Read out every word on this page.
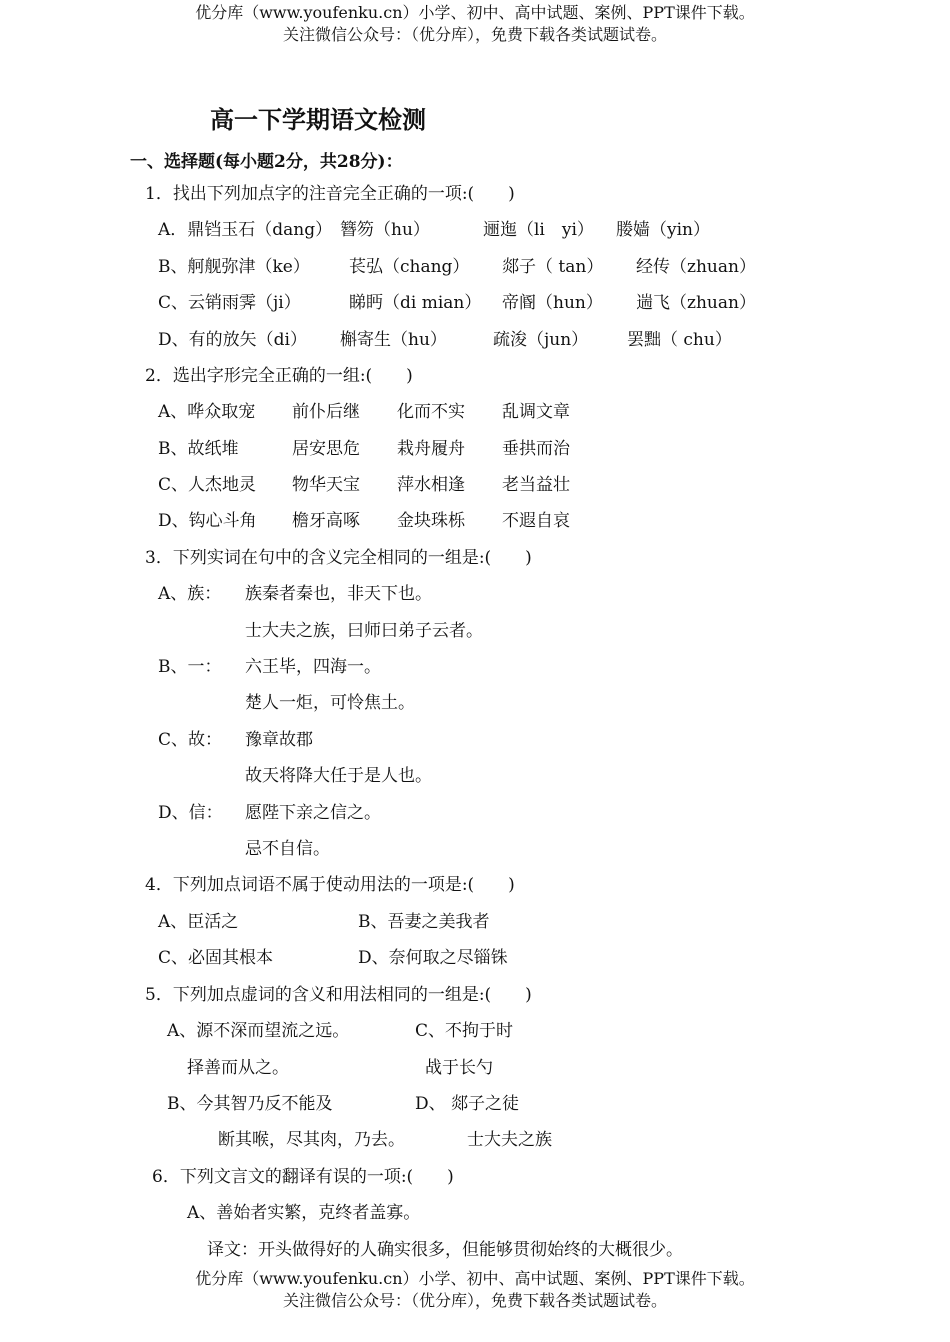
优分库（www.youfenku.cn）小学、初中、高中试题、案例、PPT课件下载。
关注微信公众号：（优分库），免费下载各类试题试卷。
高一下学期语文检测
一、选择题(每小题2分，共28分)：
1．找出下列加点字的注音完全正确的一项:(　　)
A．鼎铛玉石（dang） 簪笏（hu）	逦迤（li　yi） 媵嫱（yin）
B、舸舰弥津（ke） 苌弘（chang） 郯子（ tan） 经传（zhuan）
C、云销雨霁（ji）	睇眄（di mian） 帝阍（hun） 遄飞（zhuan）
D、有的放矢（di） 槲寄生（hu）	疏浚（jun） 罢黜（ chu）
2．选出字形完全正确的一组:(　　)
A、哗众取宠 前仆后继 化而不实 乱调文章
B、故纸堆	居安思危 栽舟履舟 垂拱而治
C、人杰地灵 物华天宝 萍水相逢 老当益壮
D、钩心斗角 檐牙高啄 金块珠栎 不遐自哀
3．下列实词在句中的含义完全相同的一组是:(　　)
A、族： 族秦者秦也，非天下也。
士大夫之族，曰师曰弟子云者。
B、一： 六王毕，四海一。
楚人一炬，可怜焦土。
C、故： 豫章故郡
故天将降大任于是人也。
D、信： 愿陛下亲之信之。
忌不自信。
4．下列加点词语不属于使动用法的一项是:(　　)
A、臣活之	B、吾妻之美我者
C、必固其根本	D、奈何取之尽锱铢
5．下列加点虚词的含义和用法相同的一组是:(　　)
A、源不深而望流之远。	C、不拘于时
择善而从之。	战于长勺
B、今其智乃反不能及	D、 郯子之徒
断其喉，尽其肉，乃去。	士大夫之族
6．下列文言文的翻译有误的一项:(　　)
A、善始者实繁，克终者盖寡。
译文：开头做得好的人确实很多，但能够贯彻始终的大概很少。
优分库（www.youfenku.cn）小学、初中、高中试题、案例、PPT课件下载。
关注微信公众号：（优分库），免费下载各类试题试卷。
